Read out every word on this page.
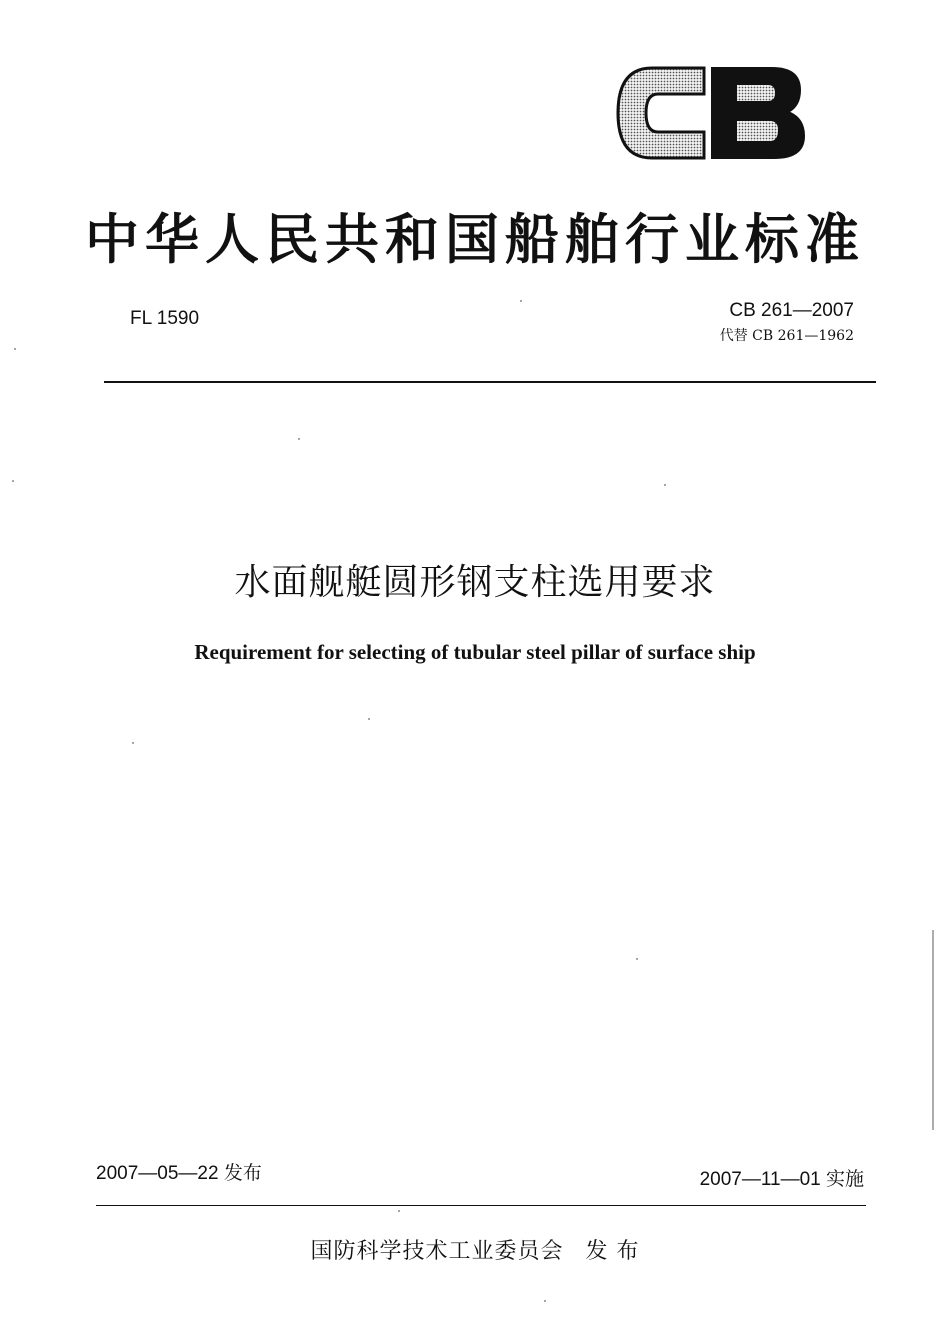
中华人民共和国船舶行业标准
FL 1590	CB 261—2007
代替 CB 261—1962
水面舰艇圆形钢支柱选用要求
Requirement for selecting of tubular steel pillar of surface ship
2007—05—22 发布	2007—11—01 实施
国防科学技术工业委员会 发 布
